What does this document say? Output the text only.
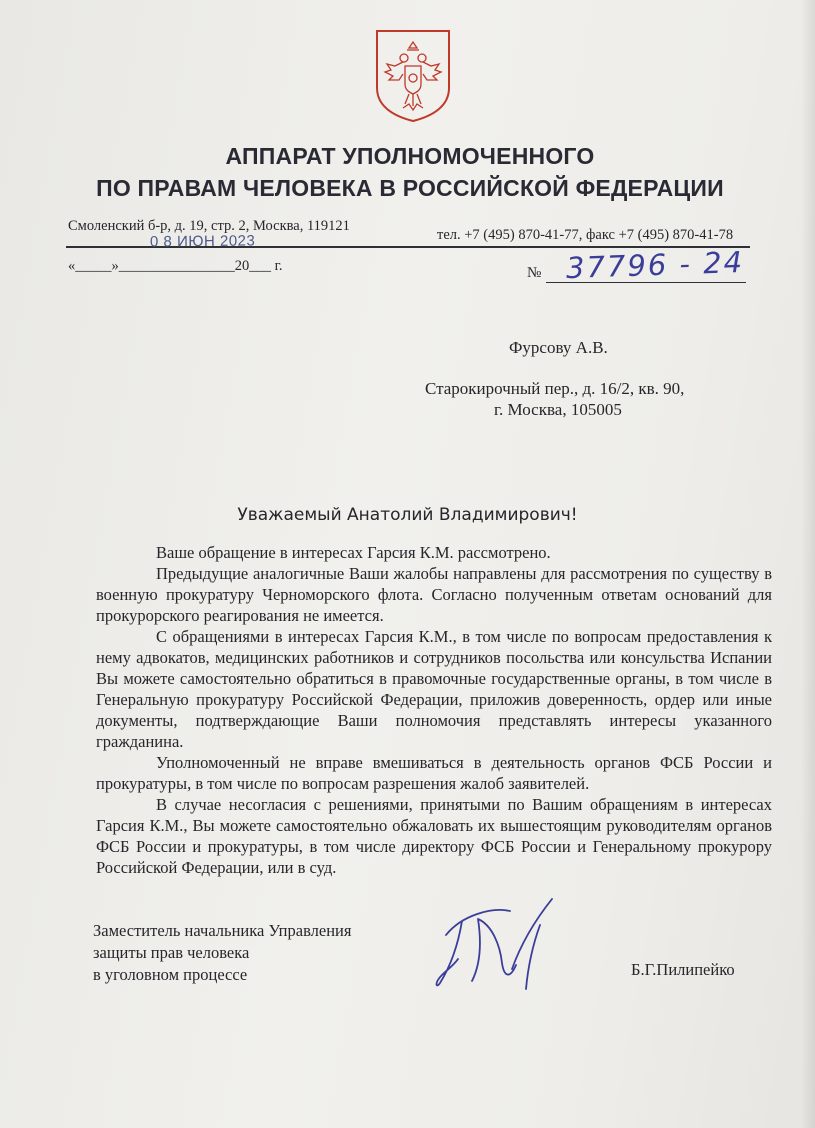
АППАРАТ УПОЛНОМОЧЕННОГО
ПО ПРАВАМ ЧЕЛОВЕКА В РОССИЙСКОЙ ФЕДЕРАЦИИ
Смоленский б-р, д. 19, стр. 2, Москва, 119121
тел. +7 (495) 870-41-77, факс +7 (495) 870-41-78
0 8 ИЮН 2023
«_____»________________20___ г.	№ 37796 - 24
Фурсову А.В.
Старокирочный пер., д. 16/2, кв. 90,
г. Москва, 105005
Уважаемый Анатолий Владимирович!

Ваше обращение в интересах Гарсия К.М. рассмотрено.

Предыдущие аналогичные Ваши жалобы направлены для рассмотрения по существу в военную прокуратуру Черноморского флота. Согласно полученным ответам оснований для прокурорского реагирования не имеется.

С обращениями в интересах Гарсия К.М., в том числе по вопросам предоставления к нему адвокатов, медицинских работников и сотрудников посольства или консульства Испании Вы можете самостоятельно обратиться в правомочные государственные органы, в том числе в Генеральную прокуратуру Российской Федерации, приложив доверенность, ордер или иные документы, подтверждающие Ваши полномочия представлять интересы указанного гражданина.

Уполномоченный не вправе вмешиваться в деятельность органов ФСБ России и прокуратуры, в том числе по вопросам разрешения жалоб заявителей.

В случае несогласия с решениями, принятыми по Вашим обращениям в интересах Гарсия К.М., Вы можете самостоятельно обжаловать их вышестоящим руководителям органов ФСБ России и прокуратуры, в том числе директору ФСБ России и Генеральному прокурору Российской Федерации, или в суд.

Заместитель начальника Управления
защиты прав человека
в уголовном процессе	Б.Г.Пилипейко
